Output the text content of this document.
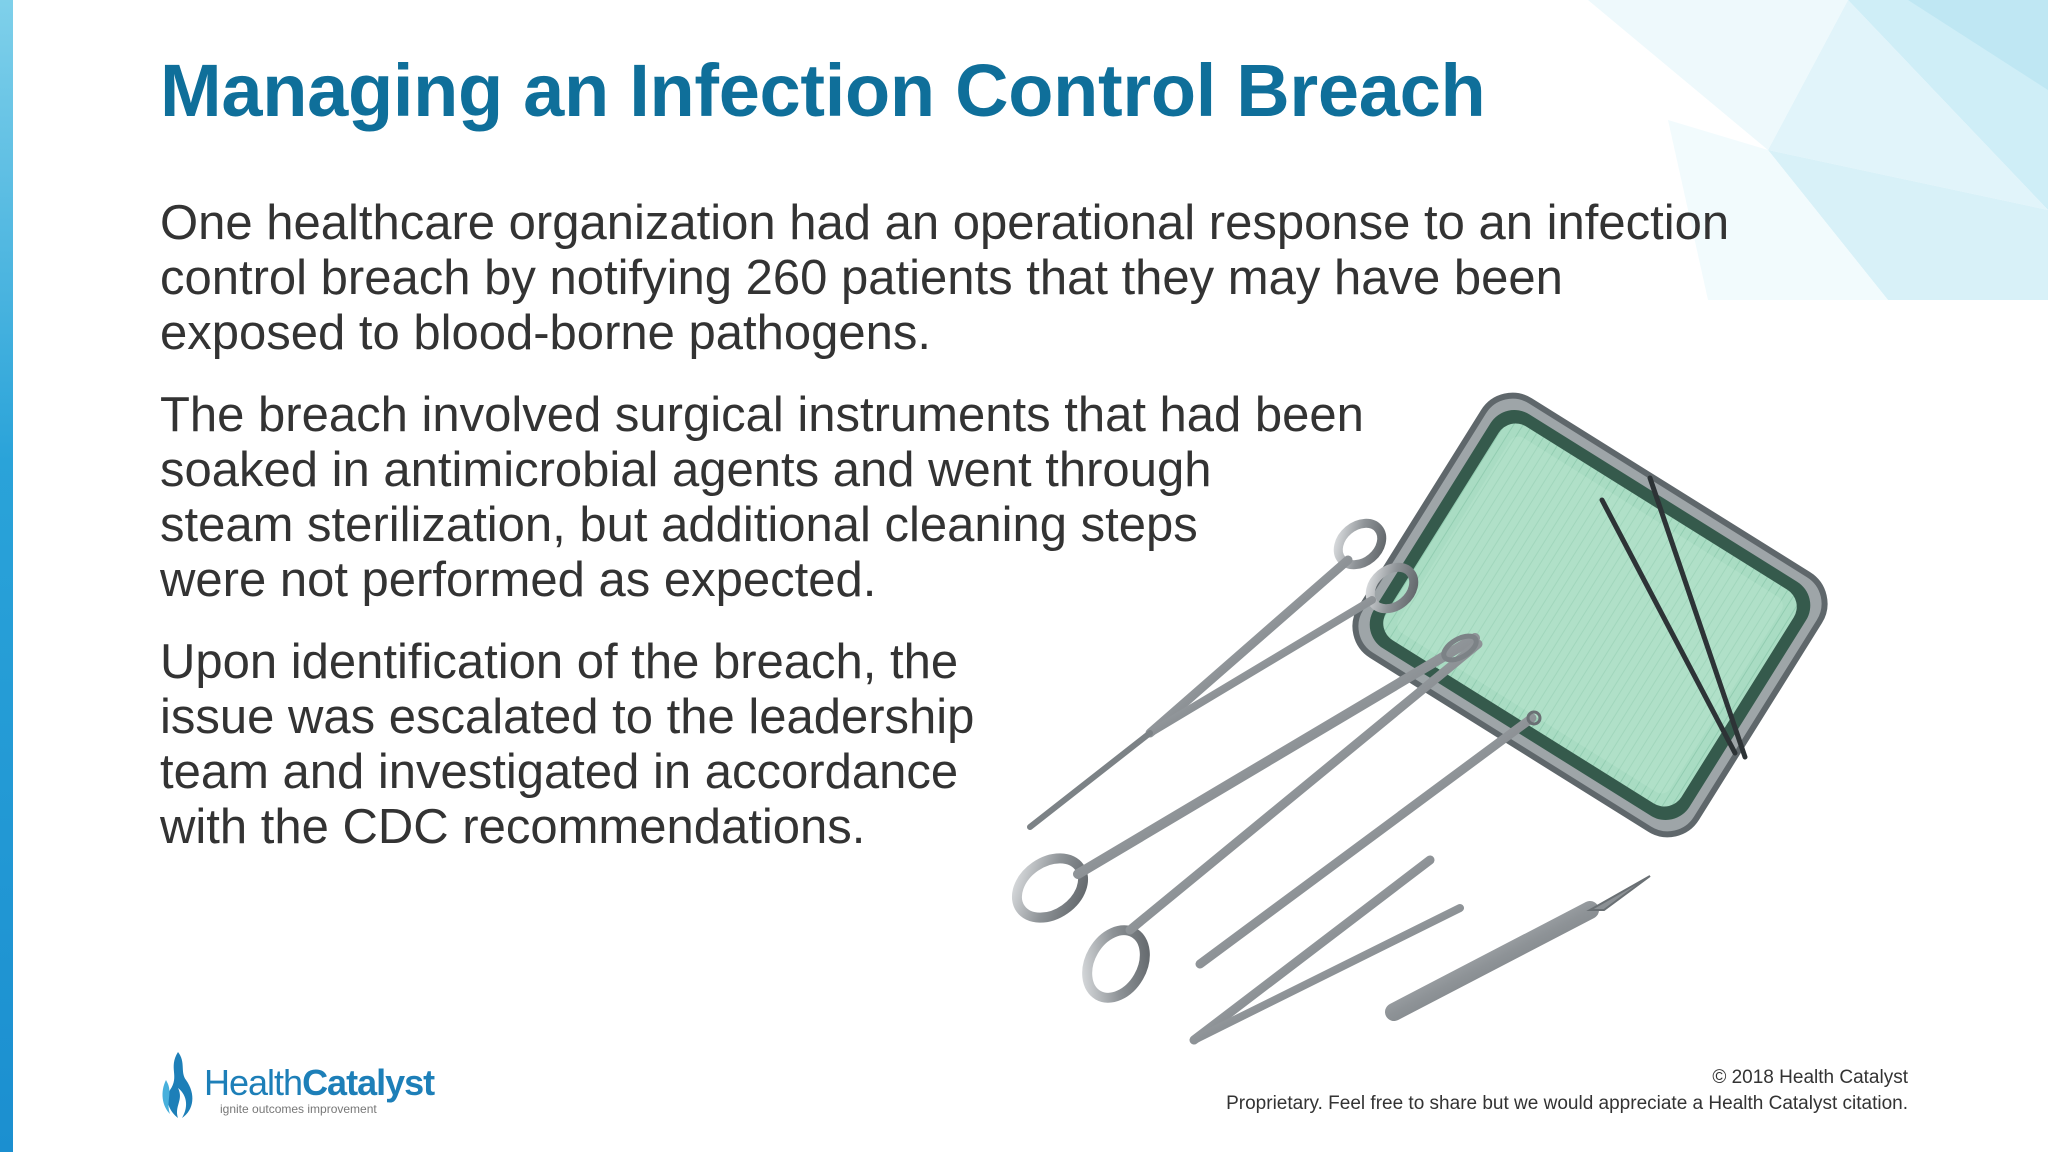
Managing an Infection Control Breach

One healthcare organization had an operational response to an infection
control breach by notifying 260 patients that they may have been
exposed to blood-borne pathogens.

The breach involved surgical instruments that had been
soaked in antimicrobial agents and went through
steam sterilization, but additional cleaning steps
were not performed as expected.

Upon identification of the breach, the
issue was escalated to the leadership
team and investigated in accordance
with the CDC recommendations.

HealthCatalyst
ignite outcomes improvement
© 2018 Health Catalyst
Proprietary. Feel free to share but we would appreciate a Health Catalyst citation.
